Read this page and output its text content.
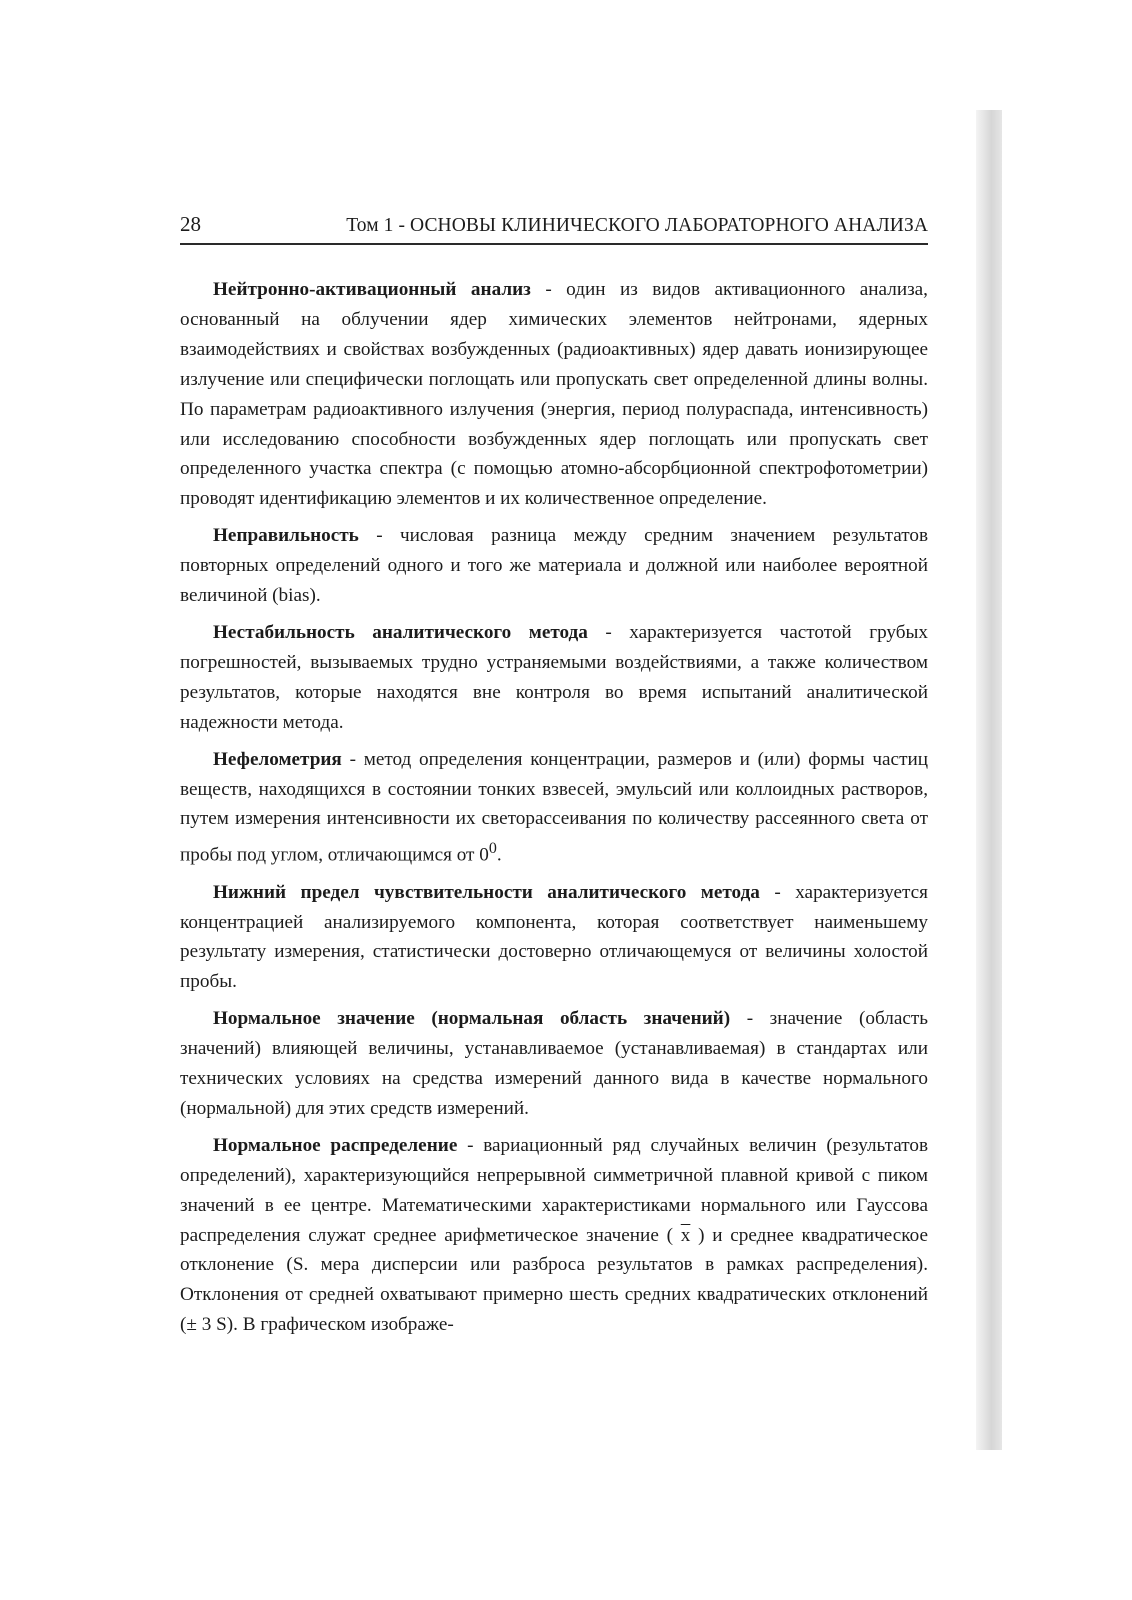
28	Том 1 - ОСНОВЫ КЛИНИЧЕСКОГО ЛАБОРАТОРНОГО АНАЛИЗА

Нейтронно-активационный анализ - один из видов активационного анализа, основанный на облучении ядер химических элементов нейтронами, ядерных взаимодействиях и свойствах возбужденных (радиоактивных) ядер давать ионизирующее излучение или специфически поглощать или пропускать свет определенной длины волны. По параметрам радиоактивного излучения (энергия, период полураспада, интенсивность) или исследованию способности возбужденных ядер поглощать или пропускать свет определенного участка спектра (с помощью атомно-абсорбционной спектрофотометрии) проводят идентификацию элементов и их количественное определение.

Неправильность - числовая разница между средним значением результатов повторных определений одного и того же материала и должной или наиболее вероятной величиной (bias).

Нестабильность аналитического метода - характеризуется частотой грубых погрешностей, вызываемых трудно устраняемыми воздействиями, а также количеством результатов, которые находятся вне контроля во время испытаний аналитической надежности метода.

Нефелометрия - метод определения концентрации, размеров и (или) формы частиц веществ, находящихся в состоянии тонких взвесей, эмульсий или коллоидных растворов, путем измерения интенсивности их светорассеивания по количеству рассеянного света от пробы под углом, отличающимся от $0^0$.

Нижний предел чувствительности аналитического метода - характеризуется концентрацией анализируемого компонента, которая соответствует наименьшему результату измерения, статистически достоверно отличающемуся от величины холостой пробы.

Нормальное значение (нормальная область значений) - значение (область значений) влияющей величины, устанавливаемое (устанавливаемая) в стандартах или технических условиях на средства измерений данного вида в качестве нормального (нормальной) для этих средств измерений.

Нормальное распределение - вариационный ряд случайных величин (результатов определений), характеризующийся непрерывной симметричной плавной кривой с пиком значений в ее центре. Математическими характеристиками нормального или Гауссова распределения служат среднее арифметическое значение ( $\overline{x}$ ) и среднее квадратическое отклонение (S. мера дисперсии или разброса результатов в рамках распределения). Отклонения от средней охватывают примерно шесть средних квадратических отклонений (± 3 S). В графическом изображе-
